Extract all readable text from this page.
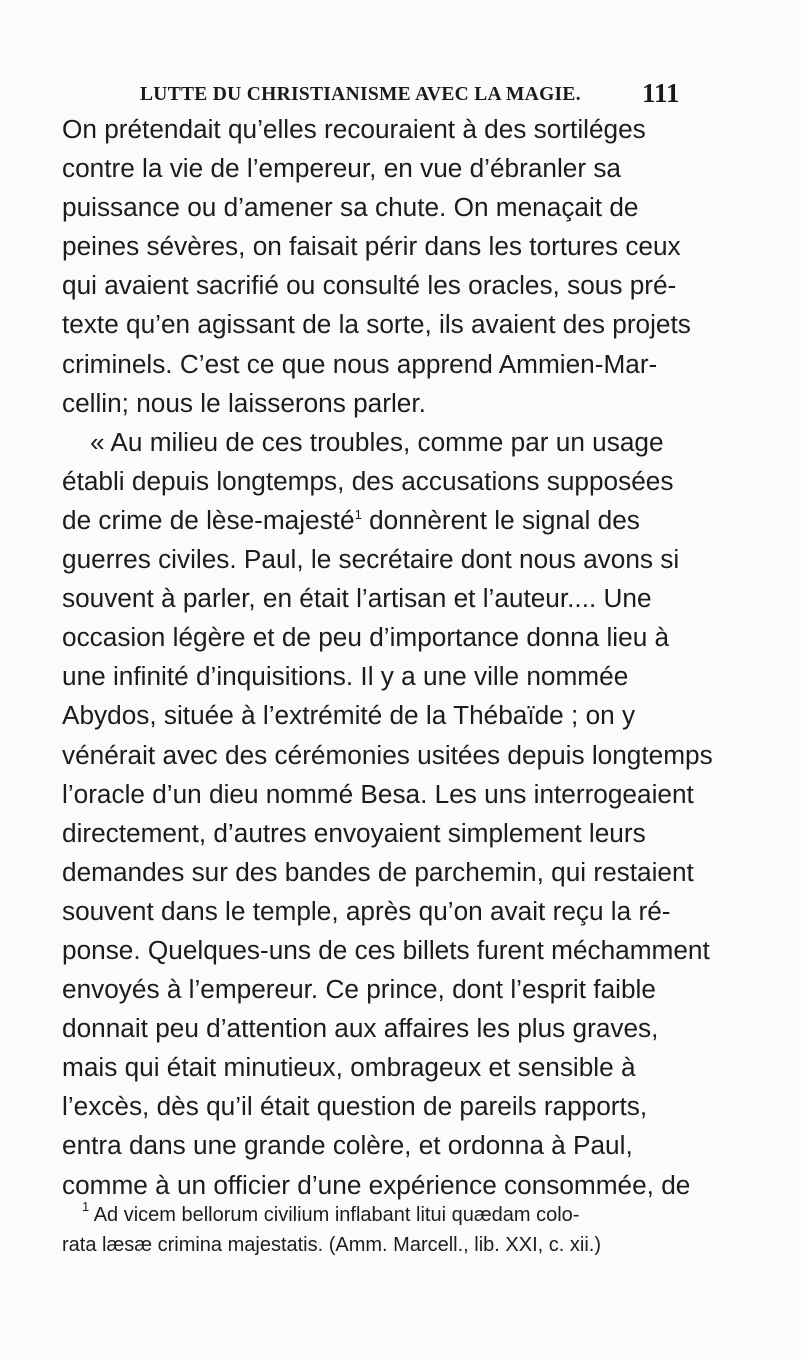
LUTTE DU CHRISTIANISME AVEC LA MAGIE. 111
On prétendait qu’elles recouraient à des sortiléges
contre la vie de l’empereur, en vue d’ébranler sa
puissance ou d’amener sa chute. On menaçait de
peines sévères, on faisait périr dans les tortures ceux
qui avaient sacrifié ou consulté les oracles, sous pré-
texte qu’en agissant de la sorte, ils avaient des projets
criminels. C’est ce que nous apprend Ammien-Mar-
cellin; nous le laisserons parler.
« Au milieu de ces troubles, comme par un usage
établi depuis longtemps, des accusations supposées
de crime de lèse-majesté$^1$ donnèrent le signal des
guerres civiles. Paul, le secrétaire dont nous avons si
souvent à parler, en était l’artisan et l’auteur.... Une
occasion légère et de peu d’importance donna lieu à
une infinité d’inquisitions. Il y a une ville nommée
Abydos, située à l’extrémité de la Thébaïde ; on y
vénérait avec des cérémonies usitées depuis longtemps
l’oracle d’un dieu nommé Besa. Les uns interrogeaient
directement, d’autres envoyaient simplement leurs
demandes sur des bandes de parchemin, qui restaient
souvent dans le temple, après qu’on avait reçu la ré-
ponse. Quelques-uns de ces billets furent méchamment
envoyés à l’empereur. Ce prince, dont l’esprit faible
donnait peu d’attention aux affaires les plus graves,
mais qui était minutieux, ombrageux et sensible à
l’excès, dès qu’il était question de pareils rapports,
entra dans une grande colère, et ordonna à Paul,
comme à un officier d’une expérience consommée, de
$^1$ Ad vicem bellorum civilium inflabant litui quædam colo-
rata læsæ crimina majestatis. (Amm. Marcell., lib. XXI, c. xii.)
